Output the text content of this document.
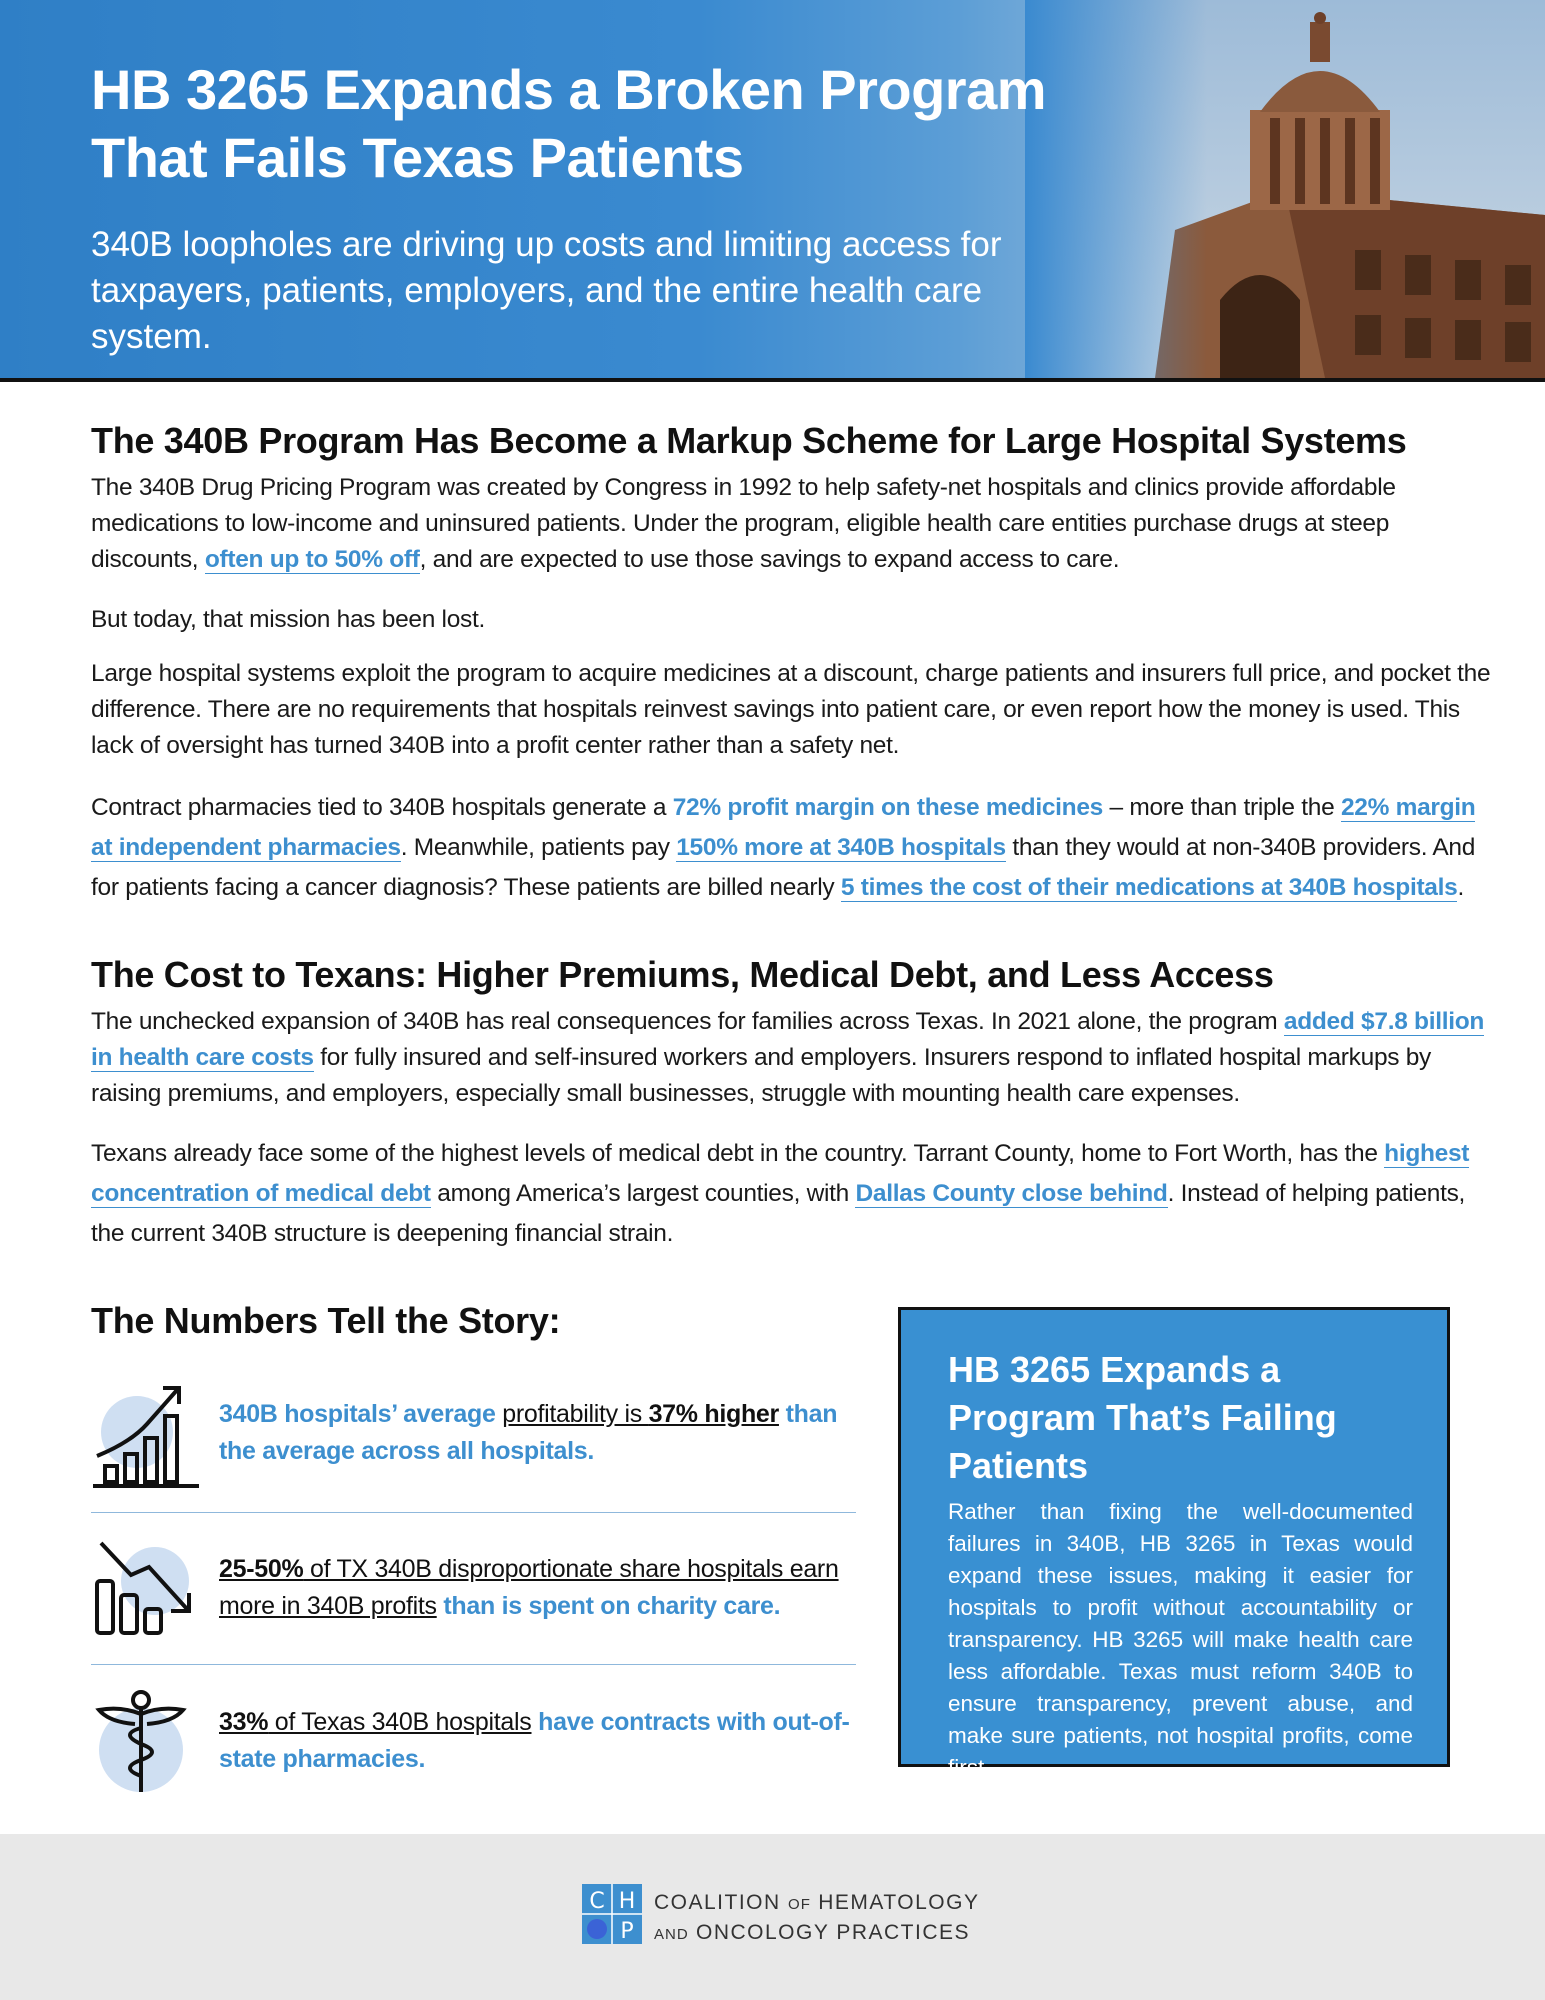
HB 3265 Expands a Broken Program
That Fails Texas Patients
340B loopholes are driving up costs and limiting access for taxpayers, patients, employers, and the entire health care system.
The 340B Program Has Become a Markup Scheme for Large Hospital Systems
The 340B Drug Pricing Program was created by Congress in 1992 to help safety-net hospitals and clinics provide affordable medications to low-income and uninsured patients. Under the program, eligible health care entities purchase drugs at steep discounts, often up to 50% off, and are expected to use those savings to expand access to care.
But today, that mission has been lost.
Large hospital systems exploit the program to acquire medicines at a discount, charge patients and insurers full price, and pocket the difference. There are no requirements that hospitals reinvest savings into patient care, or even report how the money is used. This lack of oversight has turned 340B into a profit center rather than a safety net.
Contract pharmacies tied to 340B hospitals generate a 72% profit margin on these medicines – more than triple the 22% margin at independent pharmacies. Meanwhile, patients pay 150% more at 340B hospitals than they would at non-340B providers. And for patients facing a cancer diagnosis? These patients are billed nearly 5 times the cost of their medications at 340B hospitals.
The Cost to Texans: Higher Premiums, Medical Debt, and Less Access
The unchecked expansion of 340B has real consequences for families across Texas. In 2021 alone, the program added $7.8 billion in health care costs for fully insured and self-insured workers and employers. Insurers respond to inflated hospital markups by raising premiums, and employers, especially small businesses, struggle with mounting health care expenses.
Texans already face some of the highest levels of medical debt in the country. Tarrant County, home to Fort Worth, has the highest concentration of medical debt among America’s largest counties, with Dallas County close behind. Instead of helping patients, the current 340B structure is deepening financial strain.
The Numbers Tell the Story:
340B hospitals’ average profitability is 37% higher than the average across all hospitals.
25-50% of TX 340B disproportionate share hospitals earn more in 340B profits than is spent on charity care.
33% of Texas 340B hospitals have contracts with out-of-state pharmacies.
HB 3265 Expands a Program That’s Failing Patients
Rather than fixing the well-documented failures in 340B, HB 3265 in Texas would expand these issues, making it easier for hospitals to profit without accountability or transparency. HB 3265 will make health care less affordable. Texas must reform 340B to ensure transparency, prevent abuse, and make sure patients, not hospital profits, come first.
C H
P
COALITION OF HEMATOLOGY
AND ONCOLOGY PRACTICES
